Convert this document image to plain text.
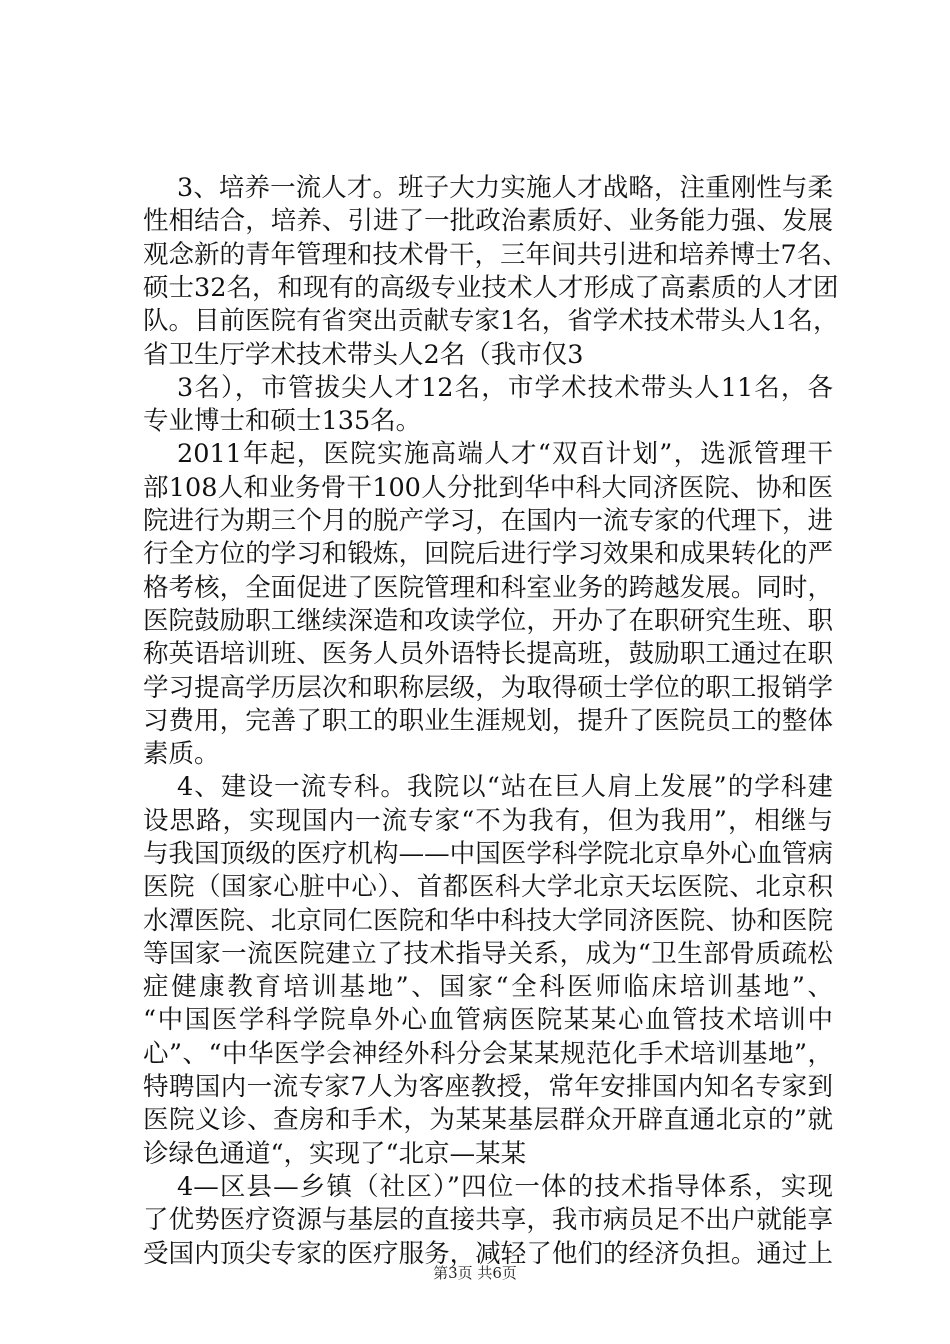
3、培养一流人才。班子大力实施人才战略，注重刚性与柔
性相结合，培养、引进了一批政治素质好、业务能力强、发展
观念新的青年管理和技术骨干，三年间共引进和培养博士7名、
硕士32名，和现有的高级专业技术人才形成了高素质的人才团
队。目前医院有省突出贡献专家1名，省学术技术带头人1名，
省卫生厅学术技术带头人2名（我市仅3
3名），市管拔尖人才12名，市学术技术带头人11名，各
专业博士和硕士135名。
2011年起，医院实施高端人才“双百计划”，选派管理干
部108人和业务骨干100人分批到华中科大同济医院、协和医
院进行为期三个月的脱产学习，在国内一流专家的代理下，进
行全方位的学习和锻炼，回院后进行学习效果和成果转化的严
格考核，全面促进了医院管理和科室业务的跨越发展。同时，
医院鼓励职工继续深造和攻读学位，开办了在职研究生班、职
称英语培训班、医务人员外语特长提高班，鼓励职工通过在职
学习提高学历层次和职称层级，为取得硕士学位的职工报销学
习费用，完善了职工的职业生涯规划，提升了医院员工的整体
素质。
4、建设一流专科。我院以“站在巨人肩上发展”的学科建
设思路，实现国内一流专家“不为我有，但为我用”，相继与
与我国顶级的医疗机构——中国医学科学院北京阜外心血管病
医院（国家心脏中心）、首都医科大学北京天坛医院、北京积
水潭医院、北京同仁医院和华中科技大学同济医院、协和医院
等国家一流医院建立了技术指导关系，成为“卫生部骨质疏松
症健康教育培训基地”、国家“全科医师临床培训基地”、
“中国医学科学院阜外心血管病医院某某心血管技术培训中
心”、“中华医学会神经外科分会某某规范化手术培训基地”，
特聘国内一流专家7人为客座教授，常年安排国内知名专家到
医院义诊、查房和手术，为某某基层群众开辟直通北京的”就
诊绿色通道“，实现了“北京—某某
第3页 共6页
4—区县—乡镇（社区）”四位一体的技术指导体系，实现
了优势医疗资源与基层的直接共享，我市病员足不出户就能享
受国内顶尖专家的医疗服务，减轻了他们的经济负担。通过上
